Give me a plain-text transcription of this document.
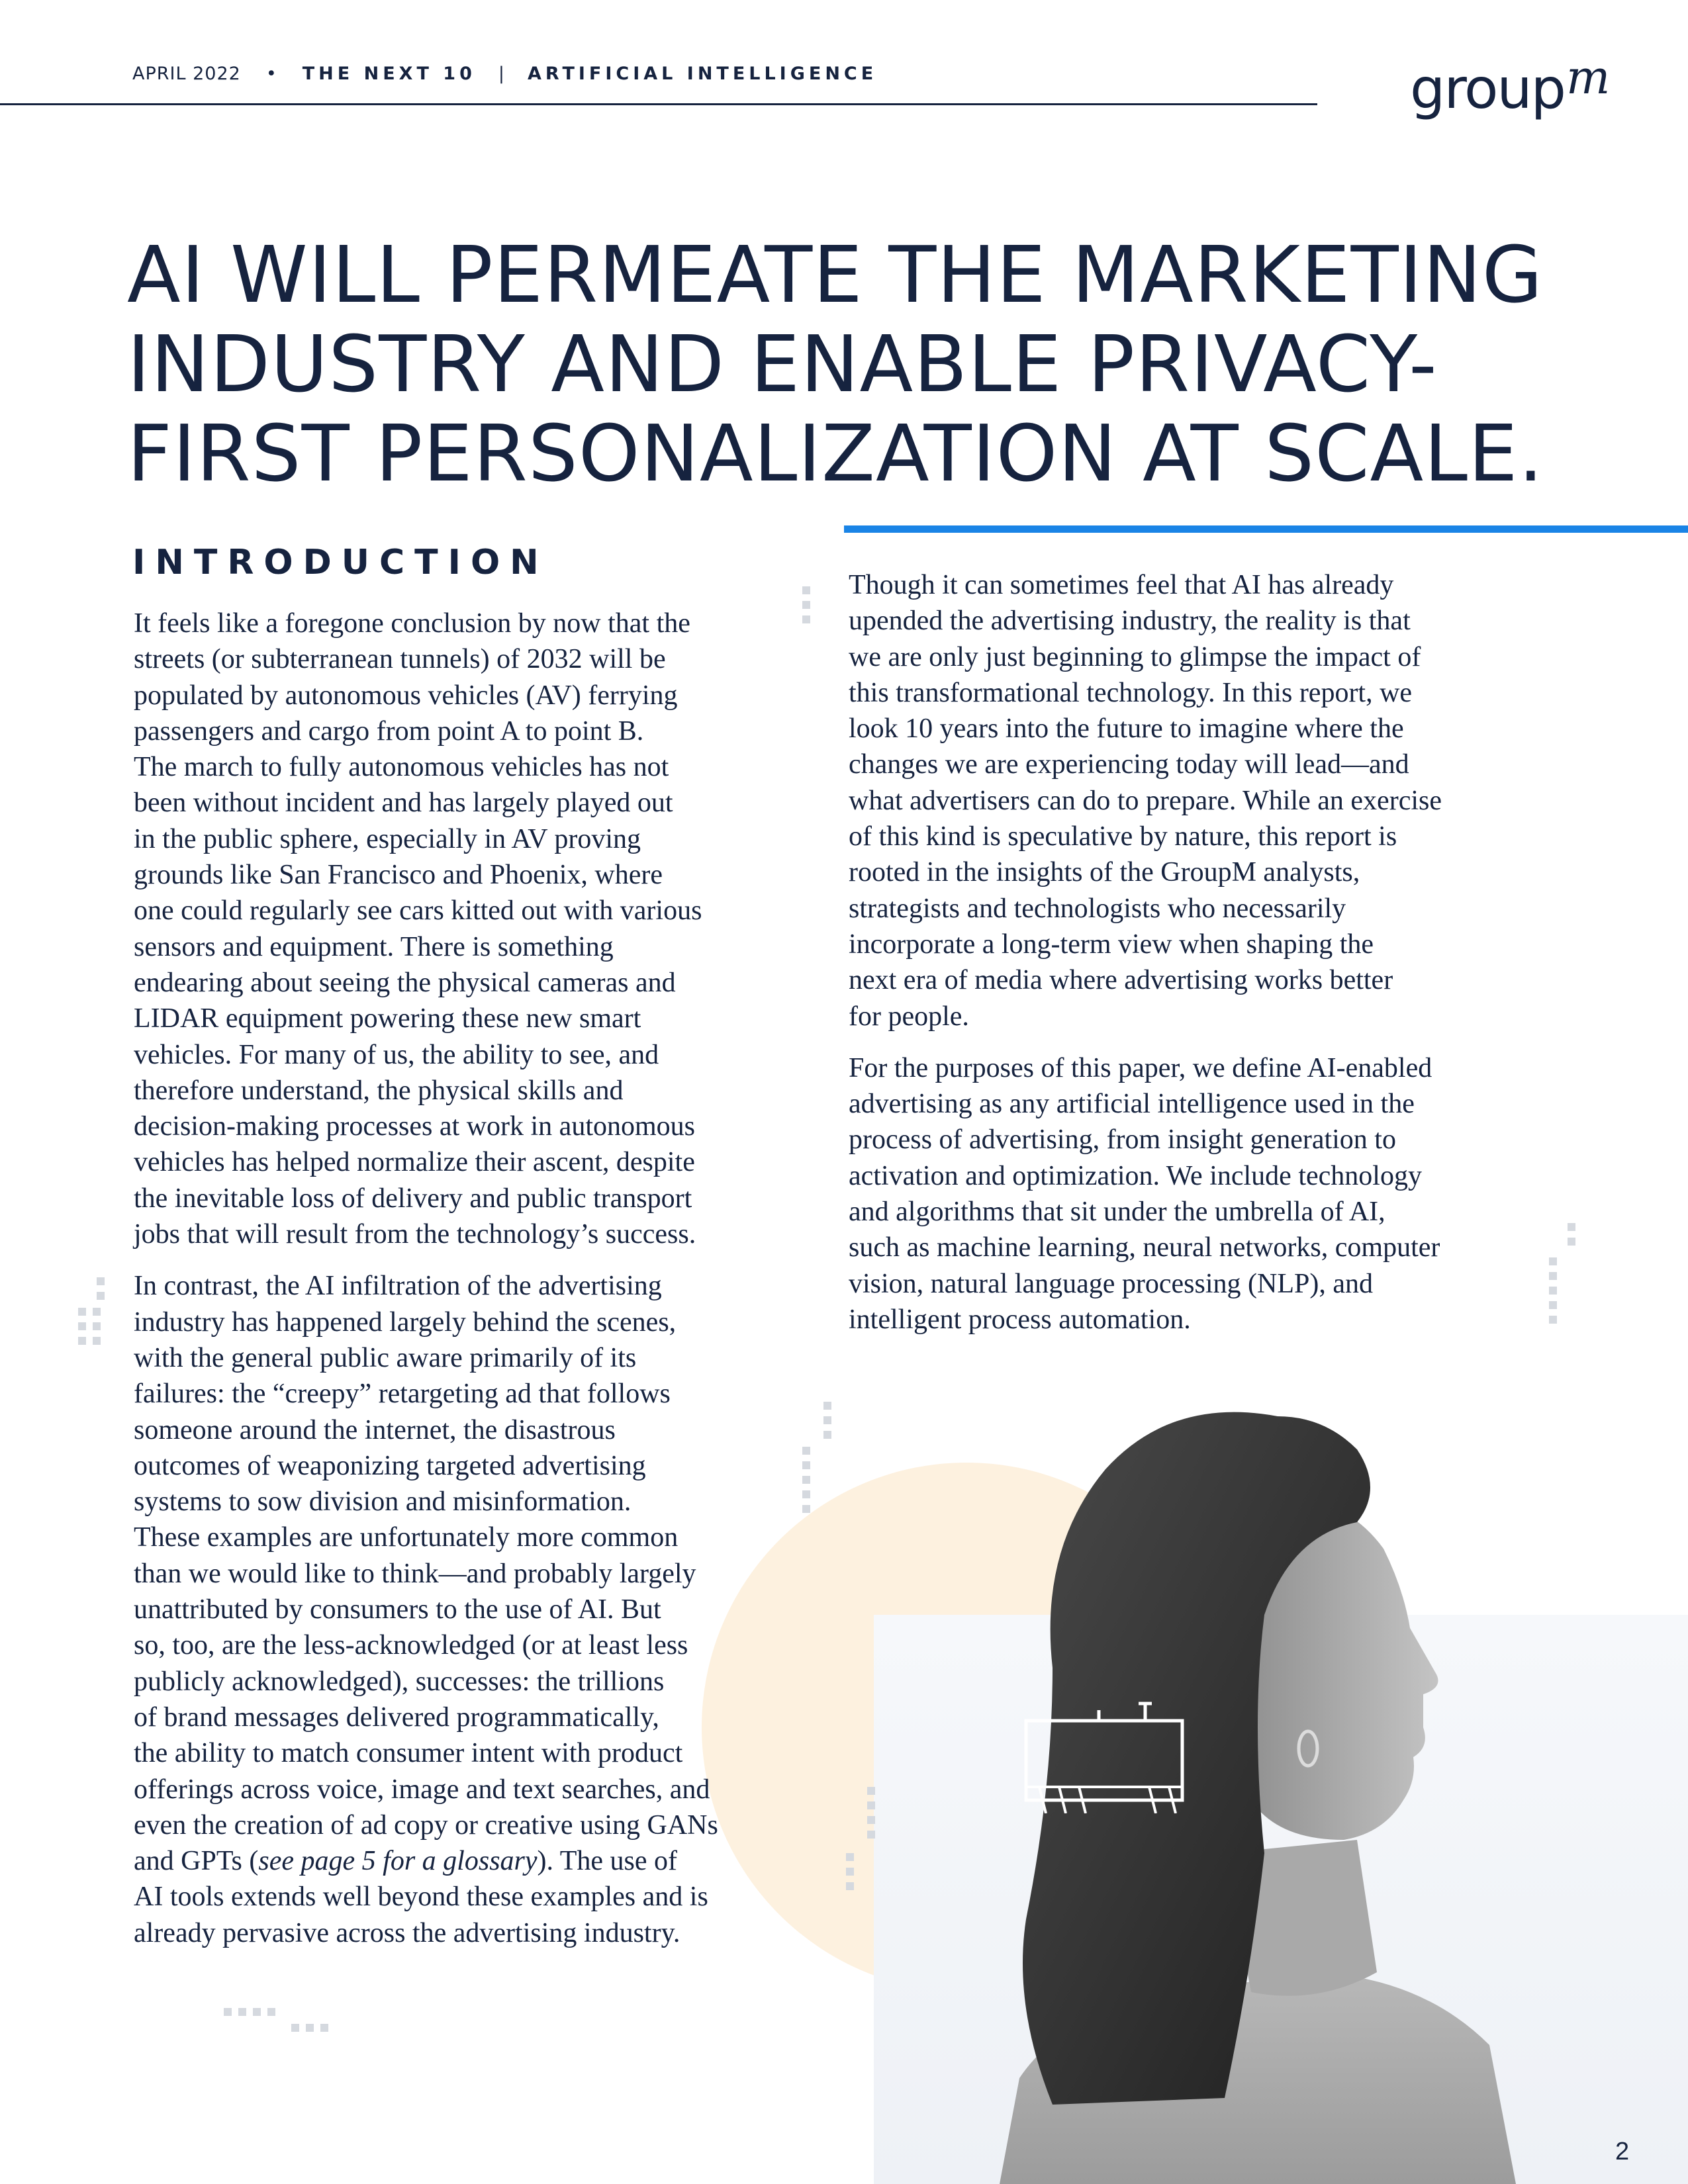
APRIL 2022 • THE NEXT 10 | ARTIFICIAL INTELLIGENCE	group$^m$
AI WILL PERMEATE THE MARKETING
INDUSTRY AND ENABLE PRIVACY-
FIRST PERSONALIZATION AT SCALE.
INTRODUCTION

It feels like a foregone conclusion by now that the
streets (or subterranean tunnels) of 2032 will be
populated by autonomous vehicles (AV) ferrying
passengers and cargo from point A to point B.
The march to fully autonomous vehicles has not
been without incident and has largely played out
in the public sphere, especially in AV proving
grounds like San Francisco and Phoenix, where
one could regularly see cars kitted out with various
sensors and equipment. There is something
endearing about seeing the physical cameras and
LIDAR equipment powering these new smart
vehicles. For many of us, the ability to see, and
therefore understand, the physical skills and
decision-making processes at work in autonomous
vehicles has helped normalize their ascent, despite
the inevitable loss of delivery and public transport
jobs that will result from the technology’s success.

In contrast, the AI infiltration of the advertising
industry has happened largely behind the scenes,
with the general public aware primarily of its
failures: the “creepy” retargeting ad that follows
someone around the internet, the disastrous
outcomes of weaponizing targeted advertising
systems to sow division and misinformation.
These examples are unfortunately more common
than we would like to think—and probably largely
unattributed by consumers to the use of AI. But
so, too, are the less-acknowledged (or at least less
publicly acknowledged), successes: the trillions
of brand messages delivered programmatically,
the ability to match consumer intent with product
offerings across voice, image and text searches, and
even the creation of ad copy or creative using GANs
and GPTs (see page 5 for a glossary). The use of
AI tools extends well beyond these examples and is
already pervasive across the advertising industry.

Though it can sometimes feel that AI has already
upended the advertising industry, the reality is that
we are only just beginning to glimpse the impact of
this transformational technology. In this report, we
look 10 years into the future to imagine where the
changes we are experiencing today will lead—and
what advertisers can do to prepare. While an exercise
of this kind is speculative by nature, this report is
rooted in the insights of the GroupM analysts,
strategists and technologists who necessarily
incorporate a long-term view when shaping the
next era of media where advertising works better
for people.

For the purposes of this paper, we define AI-enabled
advertising as any artificial intelligence used in the
process of advertising, from insight generation to
activation and optimization. We include technology
and algorithms that sit under the umbrella of AI,
such as machine learning, neural networks, computer
vision, natural language processing (NLP), and
intelligent process automation.

2
